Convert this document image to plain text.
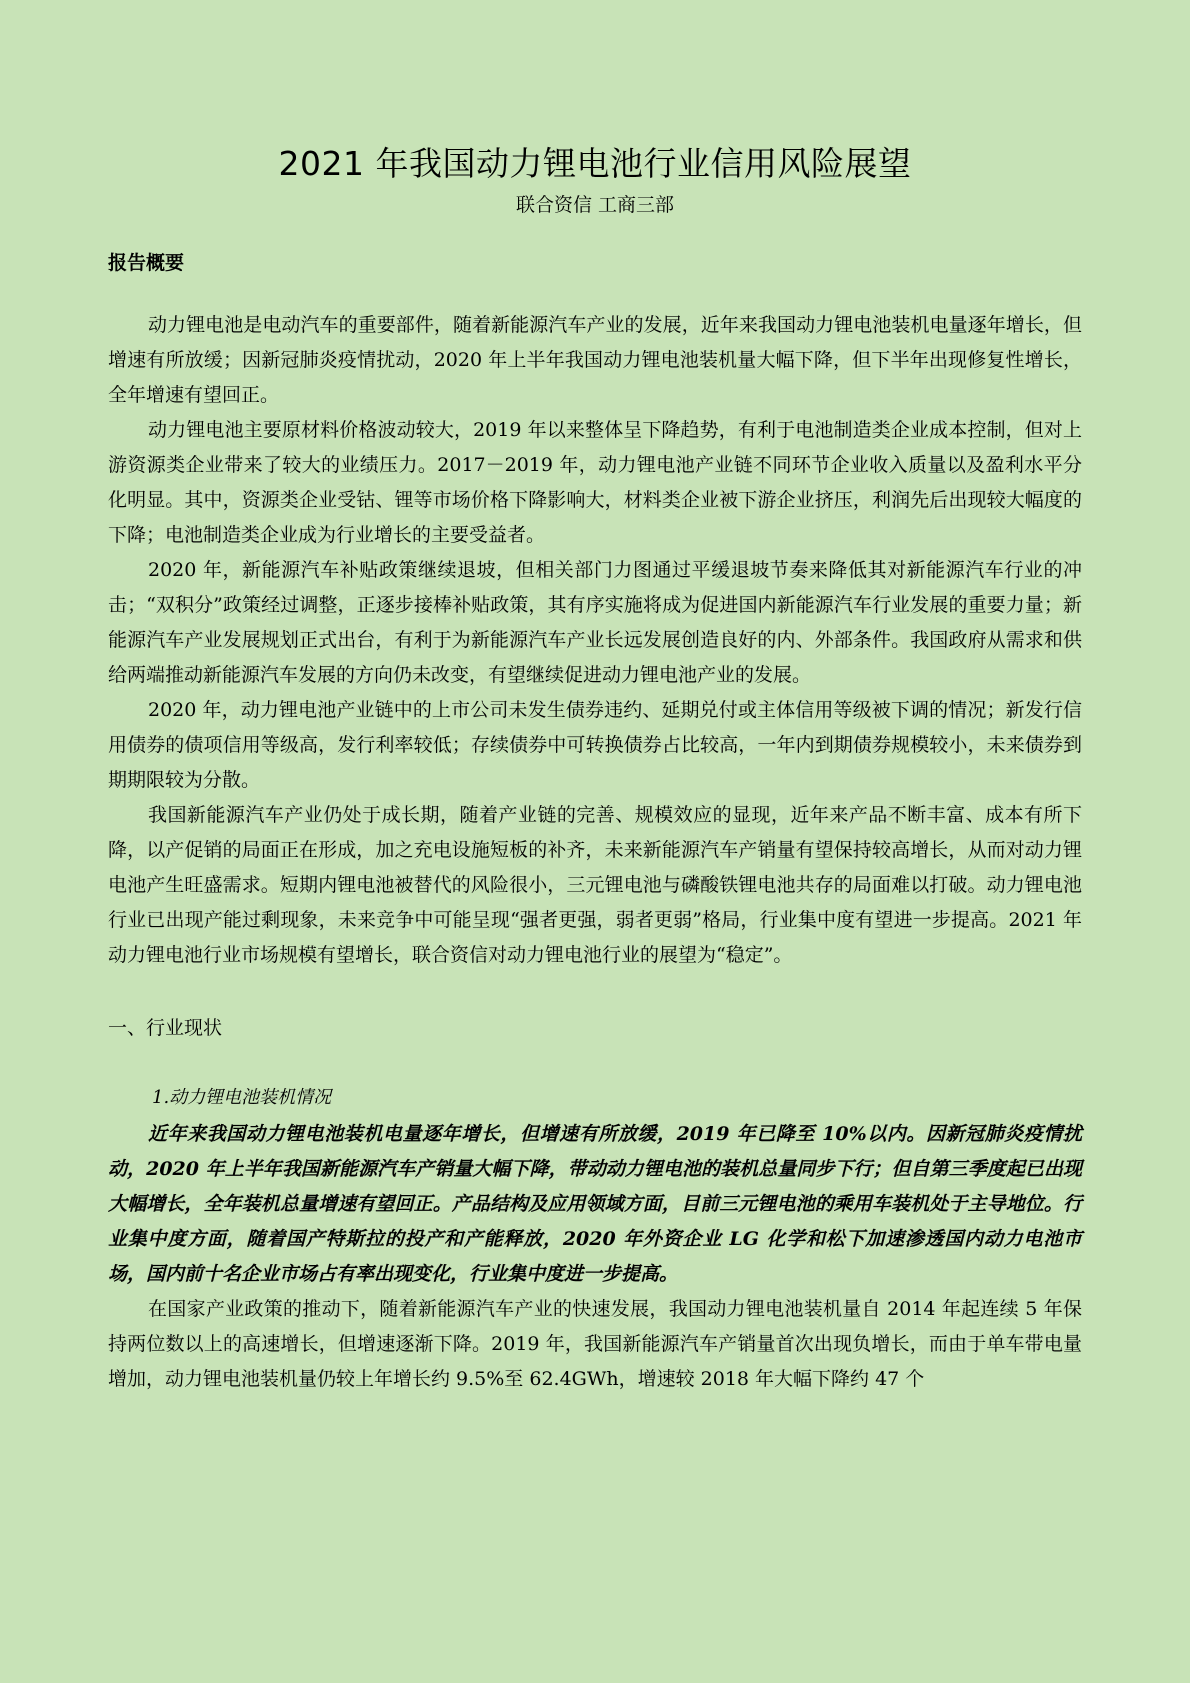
2021 年我国动力锂电池行业信用风险展望
联合资信 工商三部
报告概要

动力锂电池是电动汽车的重要部件，随着新能源汽车产业的发展，近年来我国动力锂电池装机电量逐年增长，但增速有所放缓；因新冠肺炎疫情扰动，2020 年上半年我国动力锂电池装机量大幅下降，但下半年出现修复性增长，全年增速有望回正。

动力锂电池主要原材料价格波动较大，2019 年以来整体呈下降趋势，有利于电池制造类企业成本控制，但对上游资源类企业带来了较大的业绩压力。2017－2019 年，动力锂电池产业链不同环节企业收入质量以及盈利水平分化明显。其中，资源类企业受钴、锂等市场价格下降影响大，材料类企业被下游企业挤压，利润先后出现较大幅度的下降；电池制造类企业成为行业增长的主要受益者。

2020 年，新能源汽车补贴政策继续退坡，但相关部门力图通过平缓退坡节奏来降低其对新能源汽车行业的冲击；“双积分”政策经过调整，正逐步接棒补贴政策，其有序实施将成为促进国内新能源汽车行业发展的重要力量；新能源汽车产业发展规划正式出台，有利于为新能源汽车产业长远发展创造良好的内、外部条件。我国政府从需求和供给两端推动新能源汽车发展的方向仍未改变，有望继续促进动力锂电池产业的发展。

2020 年，动力锂电池产业链中的上市公司未发生债券违约、延期兑付或主体信用等级被下调的情况；新发行信用债券的债项信用等级高，发行利率较低；存续债券中可转换债券占比较高，一年内到期债券规模较小，未来债券到期期限较为分散。

我国新能源汽车产业仍处于成长期，随着产业链的完善、规模效应的显现，近年来产品不断丰富、成本有所下降，以产促销的局面正在形成，加之充电设施短板的补齐，未来新能源汽车产销量有望保持较高增长，从而对动力锂电池产生旺盛需求。短期内锂电池被替代的风险很小，三元锂电池与磷酸铁锂电池共存的局面难以打破。动力锂电池行业已出现产能过剩现象，未来竞争中可能呈现“强者更强，弱者更弱”格局，行业集中度有望进一步提高。2021 年动力锂电池行业市场规模有望增长，联合资信对动力锂电池行业的展望为“稳定”。

一、行业现状
1.动力锂电池装机情况

近年来我国动力锂电池装机电量逐年增长，但增速有所放缓，2019 年已降至 10%以内。因新冠肺炎疫情扰动，2020 年上半年我国新能源汽车产销量大幅下降，带动动力锂电池的装机总量同步下行；但自第三季度起已出现大幅增长，全年装机总量增速有望回正。产品结构及应用领域方面，目前三元锂电池的乘用车装机处于主导地位。行业集中度方面，随着国产特斯拉的投产和产能释放，2020 年外资企业 LG 化学和松下加速渗透国内动力电池市场，国内前十名企业市场占有率出现变化，行业集中度进一步提高。

在国家产业政策的推动下，随着新能源汽车产业的快速发展，我国动力锂电池装机量自 2014 年起连续 5 年保持两位数以上的高速增长，但增速逐渐下降。2019 年，我国新能源汽车产销量首次出现负增长，而由于单车带电量增加，动力锂电池装机量仍较上年增长约 9.5%至 62.4GWh，增速较 2018 年大幅下降约 47 个
